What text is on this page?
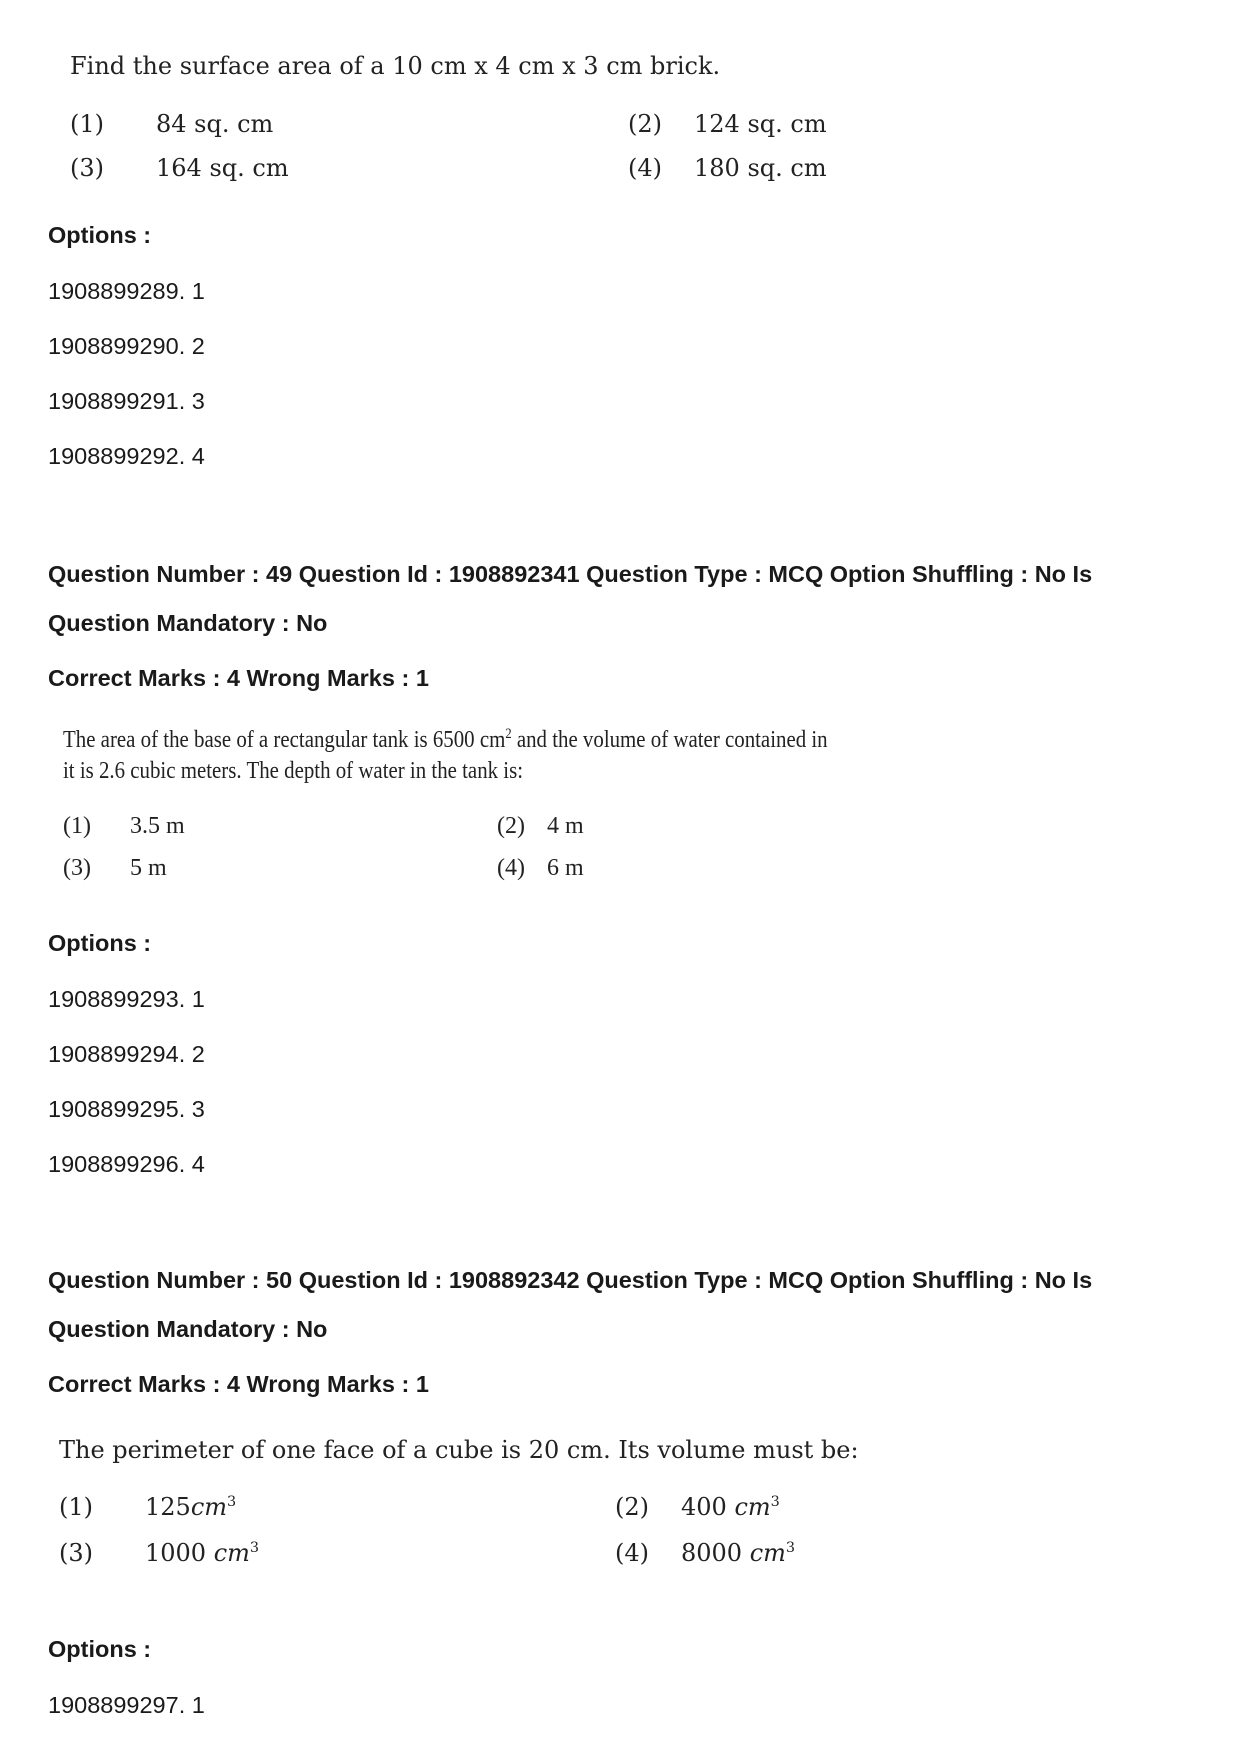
Find the surface area of a 10 cm x 4 cm x 3 cm brick.
(1) 84 sq. cm	(2) 124 sq. cm
(3) 164 sq. cm	(4) 180 sq. cm
Options :
1908899289. 1
1908899290. 2
1908899291. 3
1908899292. 4
Question Number : 49 Question Id : 1908892341 Question Type : MCQ Option Shuffling : No Is
Question Mandatory : No
Correct Marks : 4 Wrong Marks : 1
The area of the base of a rectangular tank is 6500 $cm^2$ and the volume of water contained in
it is 2.6 cubic meters. The depth of water in the tank is:
(1) 3.5 m	(2) 4 m
(3) 5 m	(4) 6 m
Options :
1908899293. 1
1908899294. 2
1908899295. 3
1908899296. 4
Question Number : 50 Question Id : 1908892342 Question Type : MCQ Option Shuffling : No Is
Question Mandatory : No
Correct Marks : 4 Wrong Marks : 1
The perimeter of one face of a cube is 20 cm. Its volume must be:
(1) $125cm^3$	(2) 400 $cm^3$
(3) 1000 $cm^3$	(4) 8000 $cm^3$
Options :
1908899297. 1
